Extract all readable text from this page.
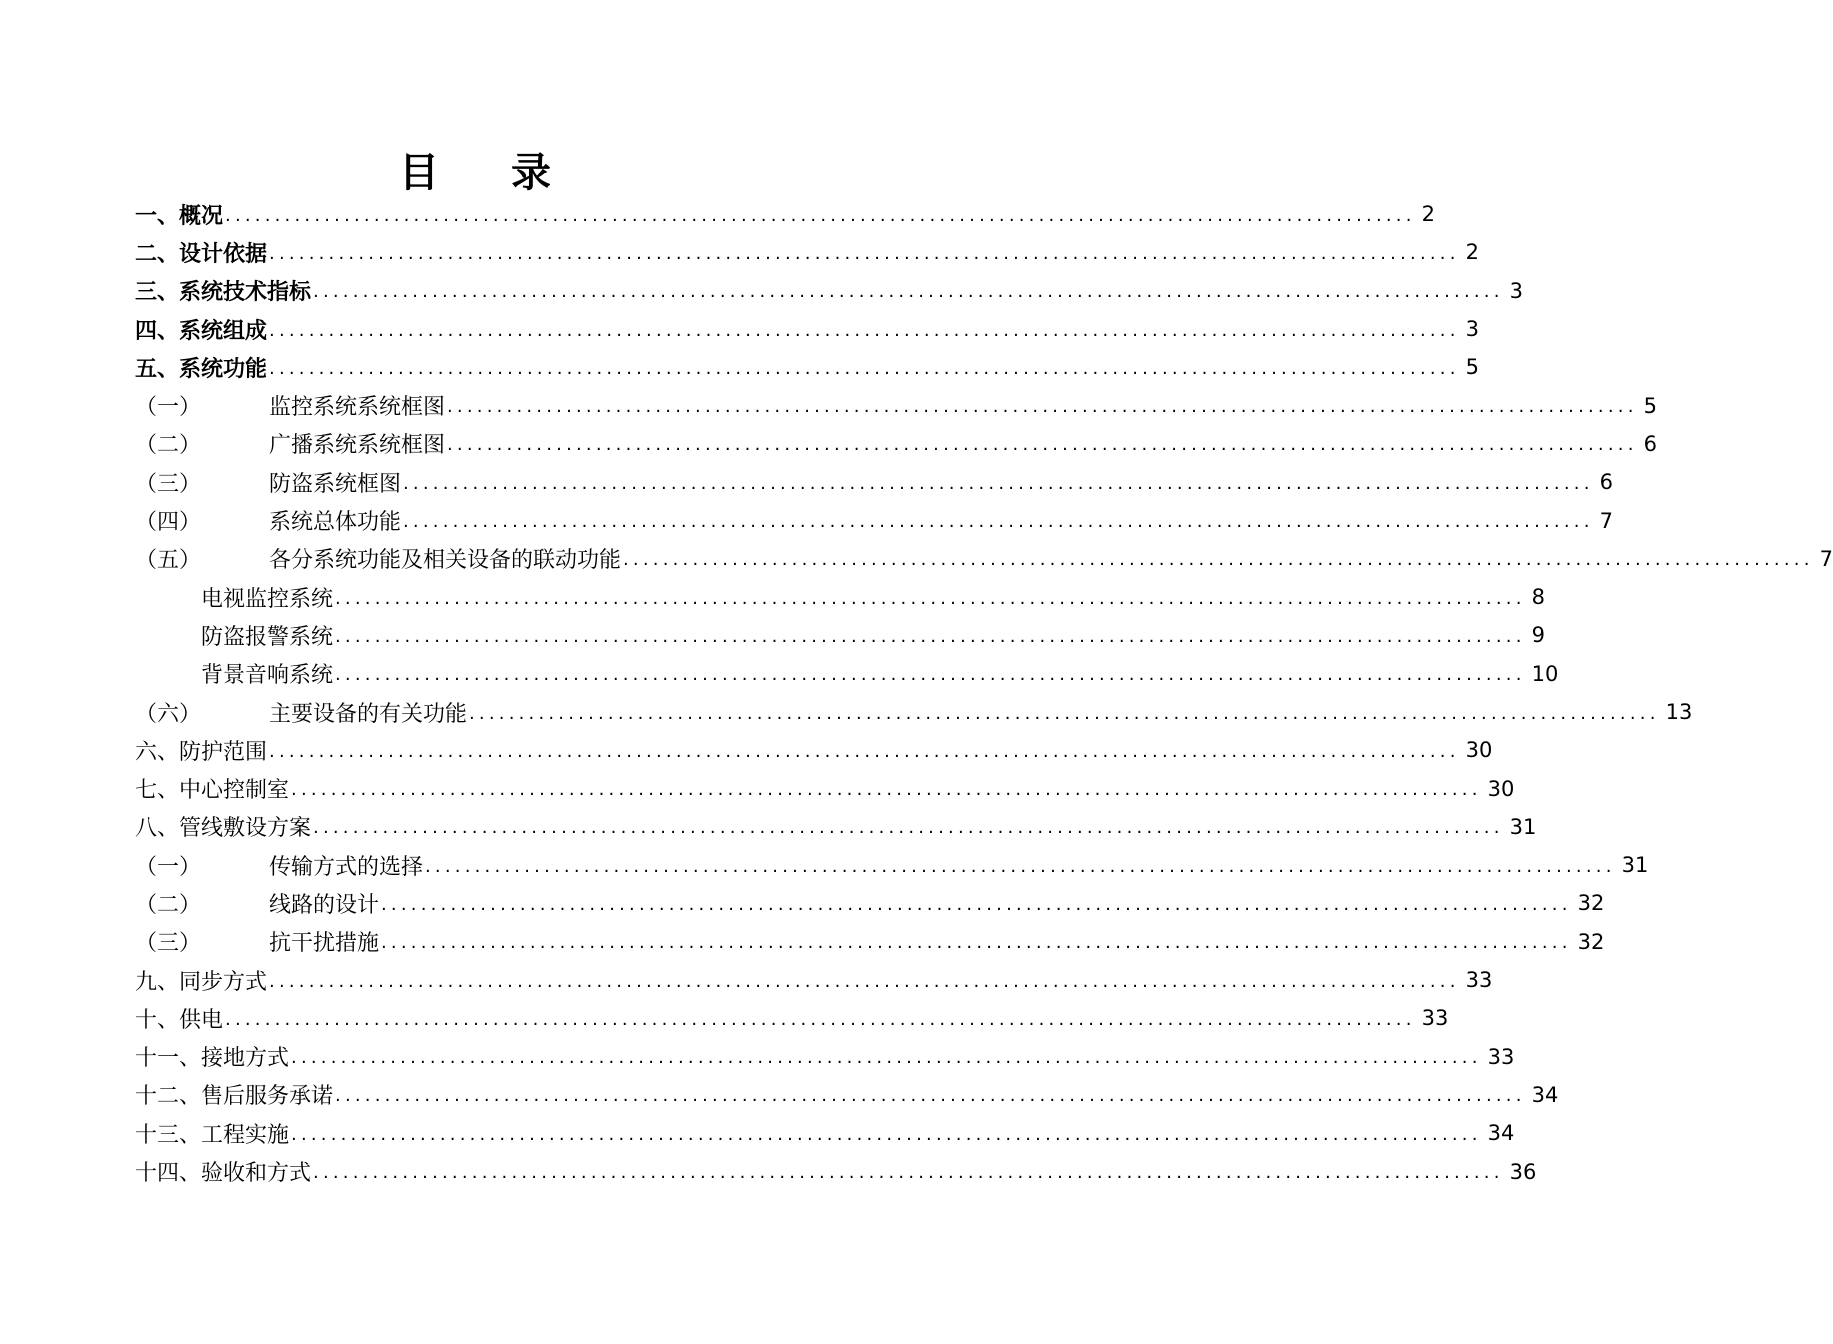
目 录
一、 概况 ........................................................................................................................ 2
二、 设计依据 ........................................................................................................................ 2
三、 系统技术指标 ........................................................................................................................ 3
四、 系统组成 ........................................................................................................................ 3
五、 系统功能 ........................................................................................................................ 5
（一）	监控系统系统框图 ........................................................................................................................ 5
（二）	广播系统系统框图 ........................................................................................................................ 6
（三）	防盗系统框图 ........................................................................................................................ 6
（四）	系统总体功能 ........................................................................................................................ 7
（五）	各分系统功能及相关设备的联动功能 ........................................................................................................................ 7
电视监控系统 ........................................................................................................................ 8
防盗报警系统 ........................................................................................................................ 9
背景音响系统 ........................................................................................................................ 10
（六）	主要设备的有关功能 ........................................................................................................................ 13
六、 防护范围 ........................................................................................................................ 30
七、 中心控制室 ........................................................................................................................ 30
八、 管线敷设方案 ........................................................................................................................ 31
（一）	传输方式的选择 ........................................................................................................................ 31
（二）	线路的设计 ........................................................................................................................ 32
（三）	抗干扰措施 ........................................................................................................................ 32
九、 同步方式 ........................................................................................................................ 33
十、 供电 ........................................................................................................................ 33
十一、 接地方式 ........................................................................................................................ 33
十二、 售后服务承诺 ........................................................................................................................ 34
十三、 工程实施 ........................................................................................................................ 34
十四、 验收和方式 ........................................................................................................................ 36
